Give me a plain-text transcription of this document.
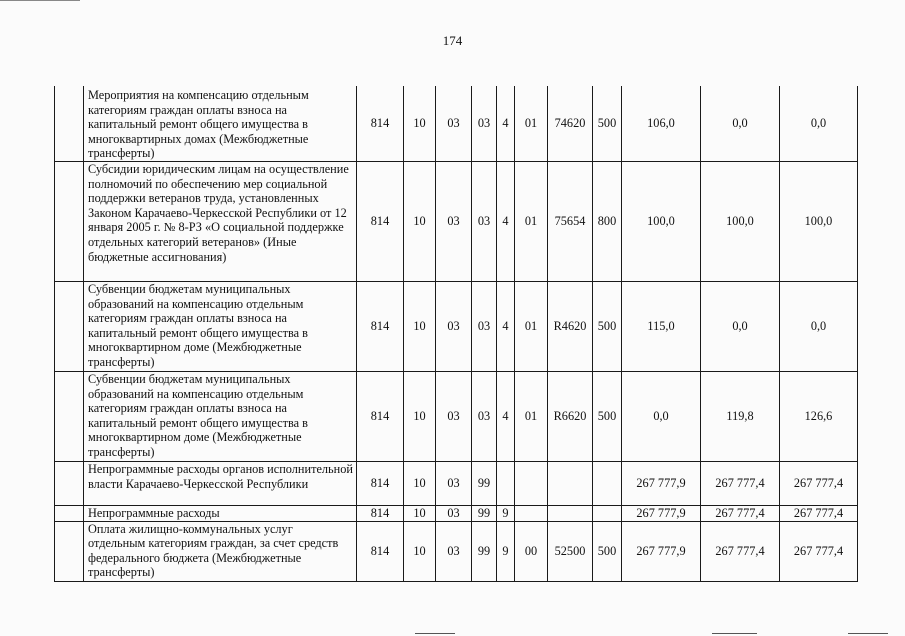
174
	Мероприятия на компенсацию отдельным категориям граждан оплаты взноса на капитальный ремонт общего имущества в многоквартирных домах (Межбюджетные трансферты)	814	10	03	03	4	01	74620	500	106,0	0,0	0,0
	Субсидии юридическим лицам на осуществление полномочий по обеспечению мер социальной поддержки ветеранов труда, установленных Законом Карачаево-Черкесской Республики от 12 января 2005 г. № 8-РЗ «О социальной поддержке отдельных категорий ветеранов» (Иные бюджетные ассигнования)	814	10	03	03	4	01	75654	800	100,0	100,0	100,0
	Субвенции бюджетам муниципальных образований на компенсацию отдельным категориям граждан оплаты взноса на капитальный ремонт общего имущества в многоквартирном доме (Межбюджетные трансферты)	814	10	03	03	4	01	R4620	500	115,0	0,0	0,0
	Субвенции бюджетам муниципальных образований на компенсацию отдельным категориям граждан оплаты взноса на капитальный ремонт общего имущества в многоквартирном доме (Межбюджетные трансферты)	814	10	03	03	4	01	R6620	500	0,0	119,8	126,6
	Непрограммные расходы органов исполнительной власти Карачаево-Черкесской Республики	814	10	03	99					267 777,9	267 777,4	267 777,4
	Непрограммные расходы	814	10	03	99	9				267 777,9	267 777,4	267 777,4
	Оплата жилищно-коммунальных услуг отдельным категориям граждан, за счет средств федерального бюджета (Межбюджетные трансферты)	814	10	03	99	9	00	52500	500	267 777,9	267 777,4	267 777,4
